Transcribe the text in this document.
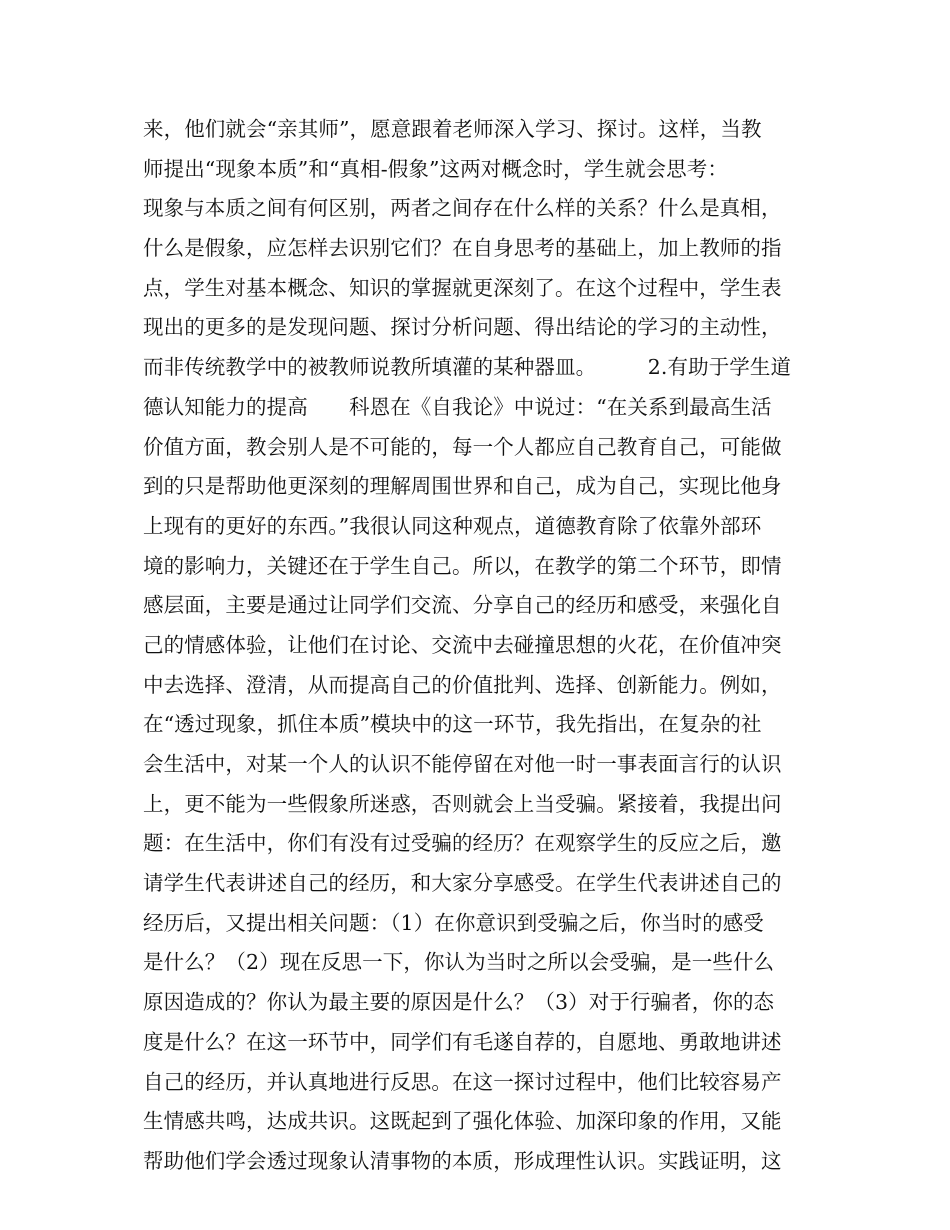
来，他们就会“亲其师”，愿意跟着老师深入学习、探讨。这样，当教
师提出“现象本质”和“真相-假象”这两对概念时，学生就会思考：
现象与本质之间有何区别，两者之间存在什么样的关系？什么是真相，
什么是假象，应怎样去识别它们？在自身思考的基础上，加上教师的指
点，学生对基本概念、知识的掌握就更深刻了。在这个过程中，学生表
现出的更多的是发现问题、探讨分析问题、得出结论的学习的主动性，
而非传统教学中的被教师说教所填灌的某种器皿。　　　2.有助于学生道
德认知能力的提高　　科恩在《自我论》中说过：“在关系到最高生活
价值方面，教会别人是不可能的，每一个人都应自己教育自己，可能做
到的只是帮助他更深刻的理解周围世界和自己，成为自己，实现比他身
上现有的更好的东西。”我很认同这种观点，道德教育除了依靠外部环
境的影响力，关键还在于学生自己。所以，在教学的第二个环节，即情
感层面，主要是通过让同学们交流、分享自己的经历和感受，来强化自
己的情感体验，让他们在讨论、交流中去碰撞思想的火花，在价值冲突
中去选择、澄清，从而提高自己的价值批判、选择、创新能力。例如，
在“透过现象，抓住本质”模块中的这一环节，我先指出，在复杂的社
会生活中，对某一个人的认识不能停留在对他一时一事表面言行的认识
上，更不能为一些假象所迷惑，否则就会上当受骗。紧接着，我提出问
题：在生活中，你们有没有过受骗的经历？在观察学生的反应之后，邀
请学生代表讲述自己的经历，和大家分享感受。在学生代表讲述自己的
经历后，又提出相关问题：（1）在你意识到受骗之后，你当时的感受
是什么？（2）现在反思一下，你认为当时之所以会受骗，是一些什么
原因造成的？你认为最主要的原因是什么？（3）对于行骗者，你的态
度是什么？在这一环节中，同学们有毛遂自荐的，自愿地、勇敢地讲述
自己的经历，并认真地进行反思。在这一探讨过程中，他们比较容易产
生情感共鸣，达成共识。这既起到了强化体验、加深印象的作用，又能
帮助他们学会透过现象认清事物的本质，形成理性认识。实践证明，这
